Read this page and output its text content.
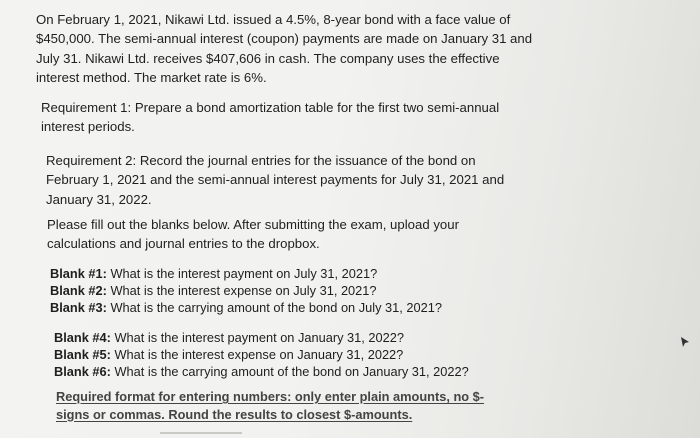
On February 1, 2021, Nikawi Ltd. issued a 4.5%, 8-year bond with a face value of $450,000. The semi-annual interest (coupon) payments are made on January 31 and July 31. Nikawi Ltd. receives $407,606 in cash. The company uses the effective interest method. The market rate is 6%.

Requirement 1: Prepare a bond amortization table for the first two semi-annual interest periods.

Requirement 2: Record the journal entries for the issuance of the bond on February 1, 2021 and the semi-annual interest payments for July 31, 2021 and January 31, 2022.

Please fill out the blanks below. After submitting the exam, upload your calculations and journal entries to the dropbox.

Blank #1: What is the interest payment on July 31, 2021?
Blank #2: What is the interest expense on July 31, 2021?
Blank #3: What is the carrying amount of the bond on July 31, 2021?
Blank #4: What is the interest payment on January 31, 2022?
Blank #5: What is the interest expense on January 31, 2022?
Blank #6: What is the carrying amount of the bond on January 31, 2022?
Required format for entering numbers: only enter plain amounts, no $-signs or commas. Round the results to closest $-amounts.
